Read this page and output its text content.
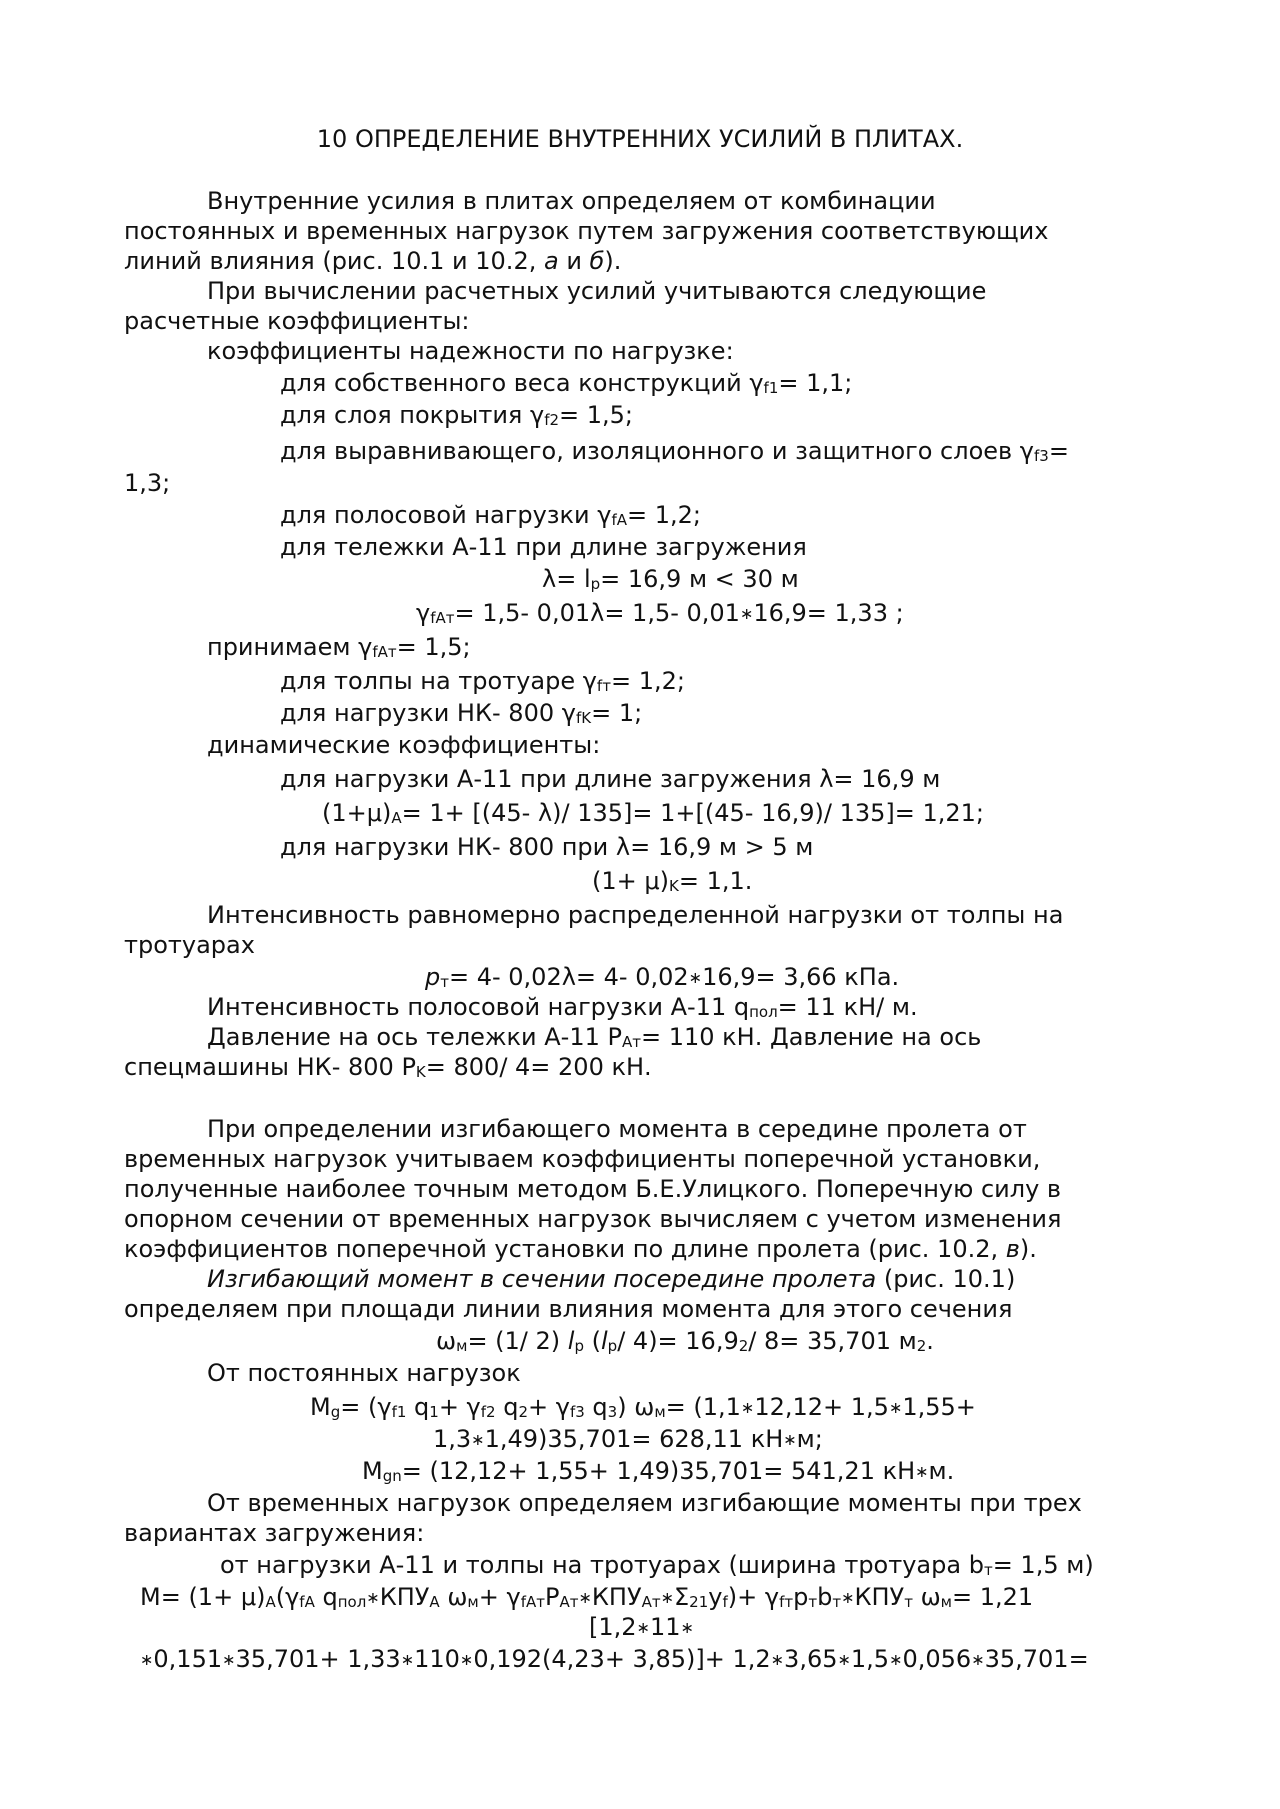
10 ОПРЕДЕЛЕНИЕ ВНУТРЕННИХ УСИЛИЙ В ПЛИТАХ.
Внутренние усилия в плитах определяем от комбинации
постоянных и временных нагрузок путем загружения соответствующих
линий влияния (рис. 10.1 и 10.2, а и б).
При вычислении расчетных усилий учитываются следующие
расчетные коэффициенты:
коэффициенты надежности по нагрузке:
для собственного веса конструкций γf1= 1,1;
для слоя покрытия γf2= 1,5;
для выравнивающего, изоляционного и защитного слоев γf3=
1,3;
для полосовой нагрузки γfA= 1,2;
для тележки А-11 при длине загружения
λ= lp= 16,9 м < 30 м
γfAт= 1,5- 0,01λ= 1,5- 0,01∗16,9= 1,33 ;
принимаем γfAт= 1,5;
для толпы на тротуаре γfт= 1,2;
для нагрузки НК- 800 γfK= 1;
динамические коэффициенты:
для нагрузки А-11 при длине загружения λ= 16,9 м
(1+μ)A= 1+ [(45- λ)/ 135]= 1+[(45- 16,9)/ 135]= 1,21;
для нагрузки НК- 800 при λ= 16,9 м > 5 м
(1+ μ)K= 1,1.
Интенсивность равномерно распределенной нагрузки от толпы на
тротуарах
pт= 4- 0,02λ= 4- 0,02∗16,9= 3,66 кПа.
Интенсивность полосовой нагрузки А-11 qпол= 11 кН/ м.
Давление на ось тележки А-11 РАт= 110 кН. Давление на ось
спецмашины НК- 800 РK= 800/ 4= 200 кН.
При определении изгибающего момента в середине пролета от
временных нагрузок учитываем коэффициенты поперечной установки,
полученные наиболее точным методом Б.Е.Улицкого. Поперечную силу в
опорном сечении от временных нагрузок вычисляем с учетом изменения
коэффициентов поперечной установки по длине пролета (рис. 10.2, в).
Изгибающий момент в сечении посередине пролета (рис. 10.1)
определяем при площади линии влияния момента для этого сечения
ωм= (1/ 2) lp (lp/ 4)= 16,92/ 8= 35,701 м2.
От постоянных нагрузок
Mg= (γf1 q1+ γf2 q2+ γf3 q3) ωм= (1,1∗12,12+ 1,5∗1,55+
1,3∗1,49)35,701= 628,11 кН∗м;
Mgn= (12,12+ 1,55+ 1,49)35,701= 541,21 кН∗м.
От временных нагрузок определяем изгибающие моменты при трех
вариантах загружения:
от нагрузки А-11 и толпы на тротуарах (ширина тротуара bт= 1,5 м)
M= (1+ μ)A(γfA qпол∗КПУA ωм+ γfAтPAт∗КПУAт∗Σ21yf)+ γfтpтbт∗КПУт ωм= 1,21
[1,2∗11∗
∗0,151∗35,701+ 1,33∗110∗0,192(4,23+ 3,85)]+ 1,2∗3,65∗1,5∗0,056∗35,701=
